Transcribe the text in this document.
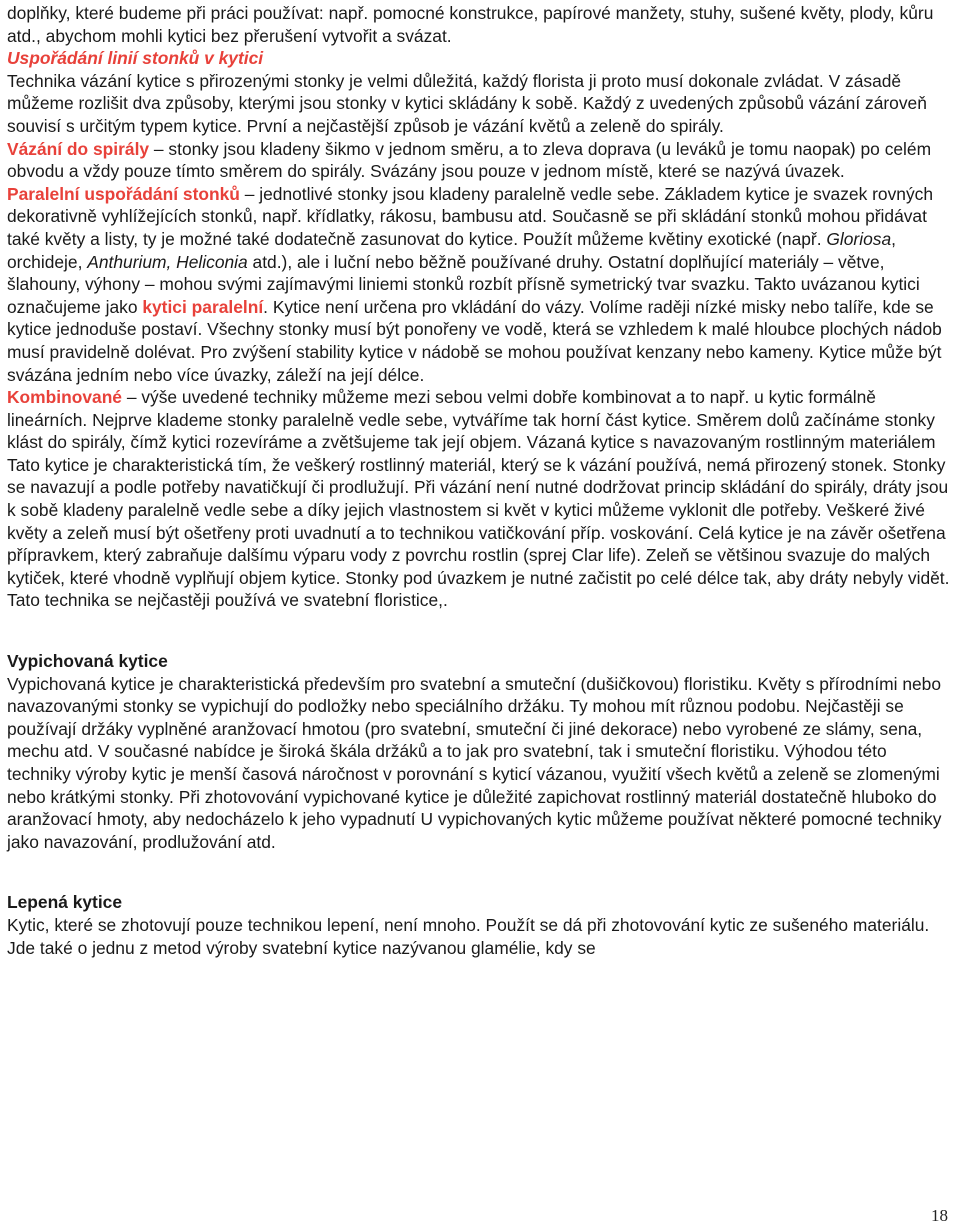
doplňky, které budeme při práci používat: např. pomocné konstrukce, papírové manžety, stuhy, sušené květy, plody, kůru atd., abychom mohli kytici bez přerušení vytvořit a svázat.

Uspořádání linií stonků v kytici

Technika vázání kytice s přirozenými stonky je velmi důležitá, každý florista ji proto musí dokonale zvládat. V zásadě můžeme rozlišit dva způsoby, kterými jsou stonky v kytici skládány k sobě. Každý z uvedených způsobů vázání zároveň souvisí s určitým typem kytice. První a nejčastější způsob je vázání květů a zeleně do spirály.

Vázání do spirály – stonky jsou kladeny šikmo v jednom směru, a to zleva doprava (u leváků je tomu naopak) po celém obvodu a vždy pouze tímto směrem do spirály. Svázány jsou pouze v jednom místě, které se nazývá úvazek.

Paralelní uspořádání stonků – jednotlivé stonky jsou kladeny paralelně vedle sebe. Základem kytice je svazek rovných dekorativně vyhlížejících stonků, např. křídlatky, rákosu, bambusu atd. Současně se při skládání stonků mohou přidávat také květy a listy, ty je možné také dodatečně zasunovat do kytice. Použít můžeme květiny exotické (např. Gloriosa, orchideje, Anthurium, Heliconia atd.), ale i luční nebo běžně používané druhy. Ostatní doplňující materiály – větve, šlahouny, výhony – mohou svými zajímavými liniemi stonků rozbít přísně symetrický tvar svazku. Takto uvázanou kytici označujeme jako kytici paralelní. Kytice není určena pro vkládání do vázy. Volíme raději nízké misky nebo talíře, kde se kytice jednoduše postaví. Všechny stonky musí být ponořeny ve vodě, která se vzhledem k malé hloubce plochých nádob musí pravidelně dolévat. Pro zvýšení stability kytice v nádobě se mohou používat kenzany nebo kameny. Kytice může být svázána jedním nebo více úvazky, záleží na její délce.

Kombinované – výše uvedené techniky můžeme mezi sebou velmi dobře kombinovat a to např. u kytic formálně lineárních. Nejprve klademe stonky paralelně vedle sebe, vytváříme tak horní část kytice. Směrem dolů začínáme stonky klást do spirály, čímž kytici rozevíráme a zvětšujeme tak její objem. Vázaná kytice s navazovaným rostlinným materiálem Tato kytice je charakteristická tím, že veškerý rostlinný materiál, který se k vázání používá, nemá přirozený stonek. Stonky se navazují a podle potřeby navatičkují či prodlužují. Při vázání není nutné dodržovat princip skládání do spirály, dráty jsou k sobě kladeny paralelně vedle sebe a díky jejich vlastnostem si květ v kytici můžeme vyklonit dle potřeby. Veškeré živé květy a zeleň musí být ošetřeny proti uvadnutí a to technikou vatičkování příp. voskování. Celá kytice je na závěr ošetřena přípravkem, který zabraňuje dalšímu výparu vody z povrchu rostlin (sprej Clar life). Zeleň se většinou svazuje do malých kytiček, které vhodně vyplňují objem kytice. Stonky pod úvazkem je nutné začistit po celé délce tak, aby dráty nebyly vidět. Tato technika se nejčastěji používá ve svatební floristice,.

Vypichovaná kytice

Vypichovaná kytice je charakteristická především pro svatební a smuteční (dušičkovou) floristiku. Květy s přírodními nebo navazovanými stonky se vypichují do podložky nebo speciálního držáku. Ty mohou mít různou podobu. Nejčastěji se používají držáky vyplněné aranžovací hmotou (pro svatební, smuteční či jiné dekorace) nebo vyrobené ze slámy, sena, mechu atd. V současné nabídce je široká škála držáků a to jak pro svatební, tak i smuteční floristiku. Výhodou této techniky výroby kytic je menší časová náročnost v porovnání s kyticí vázanou, využití všech květů a zeleně se zlomenými nebo krátkými stonky. Při zhotovování vypichované kytice je důležité zapichovat rostlinný materiál dostatečně hluboko do aranžovací hmoty, aby nedocházelo k jeho vypadnutí U vypichovaných kytic můžeme používat některé pomocné techniky jako navazování, prodlužování atd.

Lepená kytice

Kytic, které se zhotovují pouze technikou lepení, není mnoho. Použít se dá při zhotovování kytic ze sušeného materiálu. Jde také o jednu z metod výroby svatební kytice nazývanou glamélie, kdy se

18
